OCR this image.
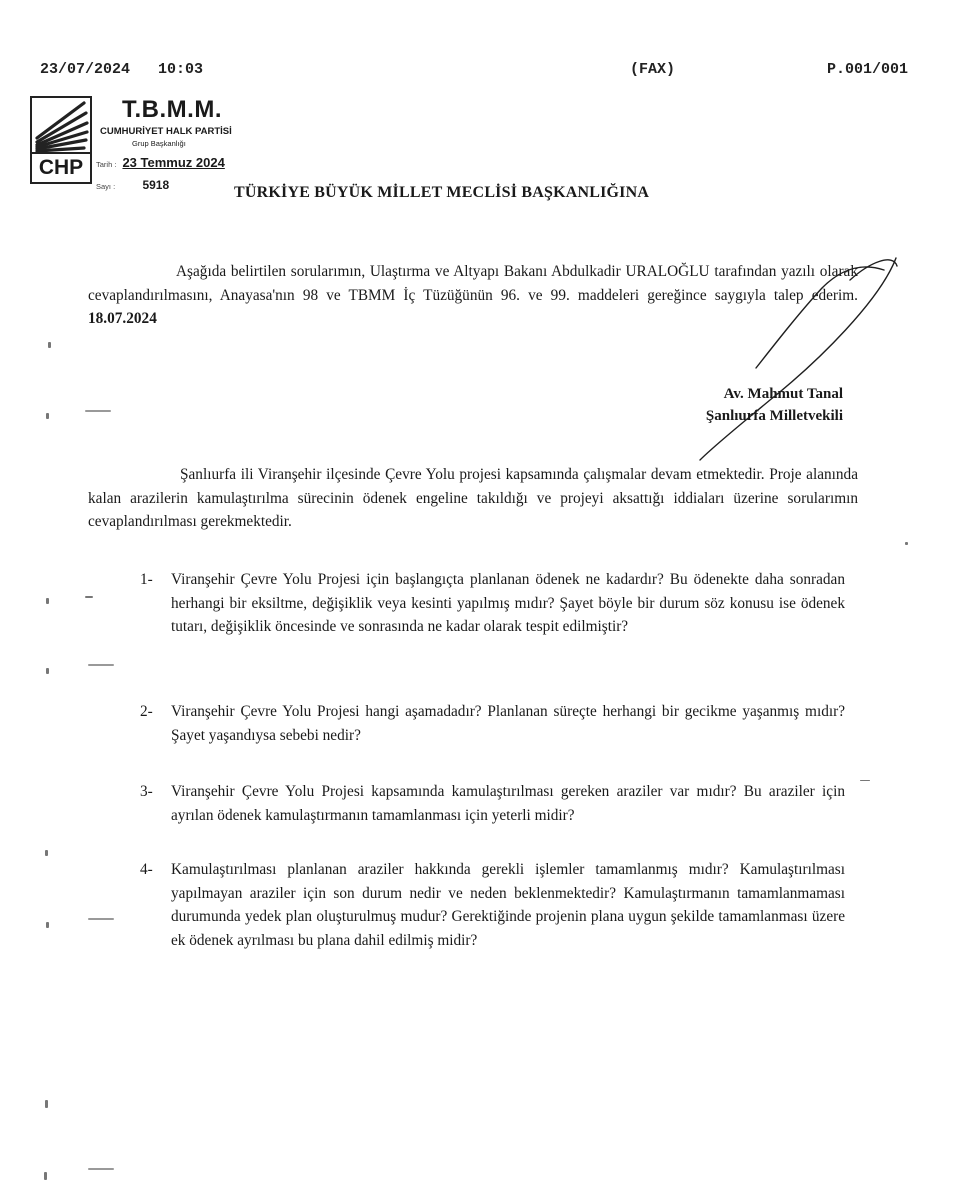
23/07/2024 10:03	(FAX)	P.001/001
CHP
T.B.M.M.
CUMHURİYET HALK PARTİSİ
Grup Başkanlığı
Tarih : 23 Temmuz 2024
Sayı : 5918	TÜRKİYE BÜYÜK MİLLET MECLİSİ BAŞKANLIĞINA

Aşağıda belirtilen sorularımın, Ulaştırma ve Altyapı Bakanı Abdulkadir URALOĞLU tarafından yazılı olarak cevaplandırılmasını, Anayasa'nın 98 ve TBMM İç Tüzüğünün 96. ve 99. maddeleri gereğince saygıyla talep ederim. 18.07.2024

Av. Mahmut Tanal
Şanlıurfa Milletvekili

Şanlıurfa ili Viranşehir ilçesinde Çevre Yolu projesi kapsamında çalışmalar devam etmektedir. Proje alanında kalan arazilerin kamulaştırılma sürecinin ödenek engeline takıldığı ve projeyi aksattığı iddiaları üzerine sorularımın cevaplandırılması gerekmektedir.

1- Viranşehir Çevre Yolu Projesi için başlangıçta planlanan ödenek ne kadardır? Bu ödenekte daha sonradan herhangi bir eksiltme, değişiklik veya kesinti yapılmış mıdır? Şayet böyle bir durum söz konusu ise ödenek tutarı, değişiklik öncesinde ve sonrasında ne kadar olarak tespit edilmiştir?
2- Viranşehir Çevre Yolu Projesi hangi aşamadadır? Planlanan süreçte herhangi bir gecikme yaşanmış mıdır? Şayet yaşandıysa sebebi nedir?
3- Viranşehir Çevre Yolu Projesi kapsamında kamulaştırılması gereken araziler var mıdır? Bu araziler için ayrılan ödenek kamulaştırmanın tamamlanması için yeterli midir?
4- Kamulaştırılması planlanan araziler hakkında gerekli işlemler tamamlanmış mıdır? Kamulaştırılması yapılmayan araziler için son durum nedir ve neden beklenmektedir? Kamulaştırmanın tamamlanmaması durumunda yedek plan oluşturulmuş mudur? Gerektiğinde projenin plana uygun şekilde tamamlanması üzere ek ödenek ayrılması bu plana dahil edilmiş midir?
